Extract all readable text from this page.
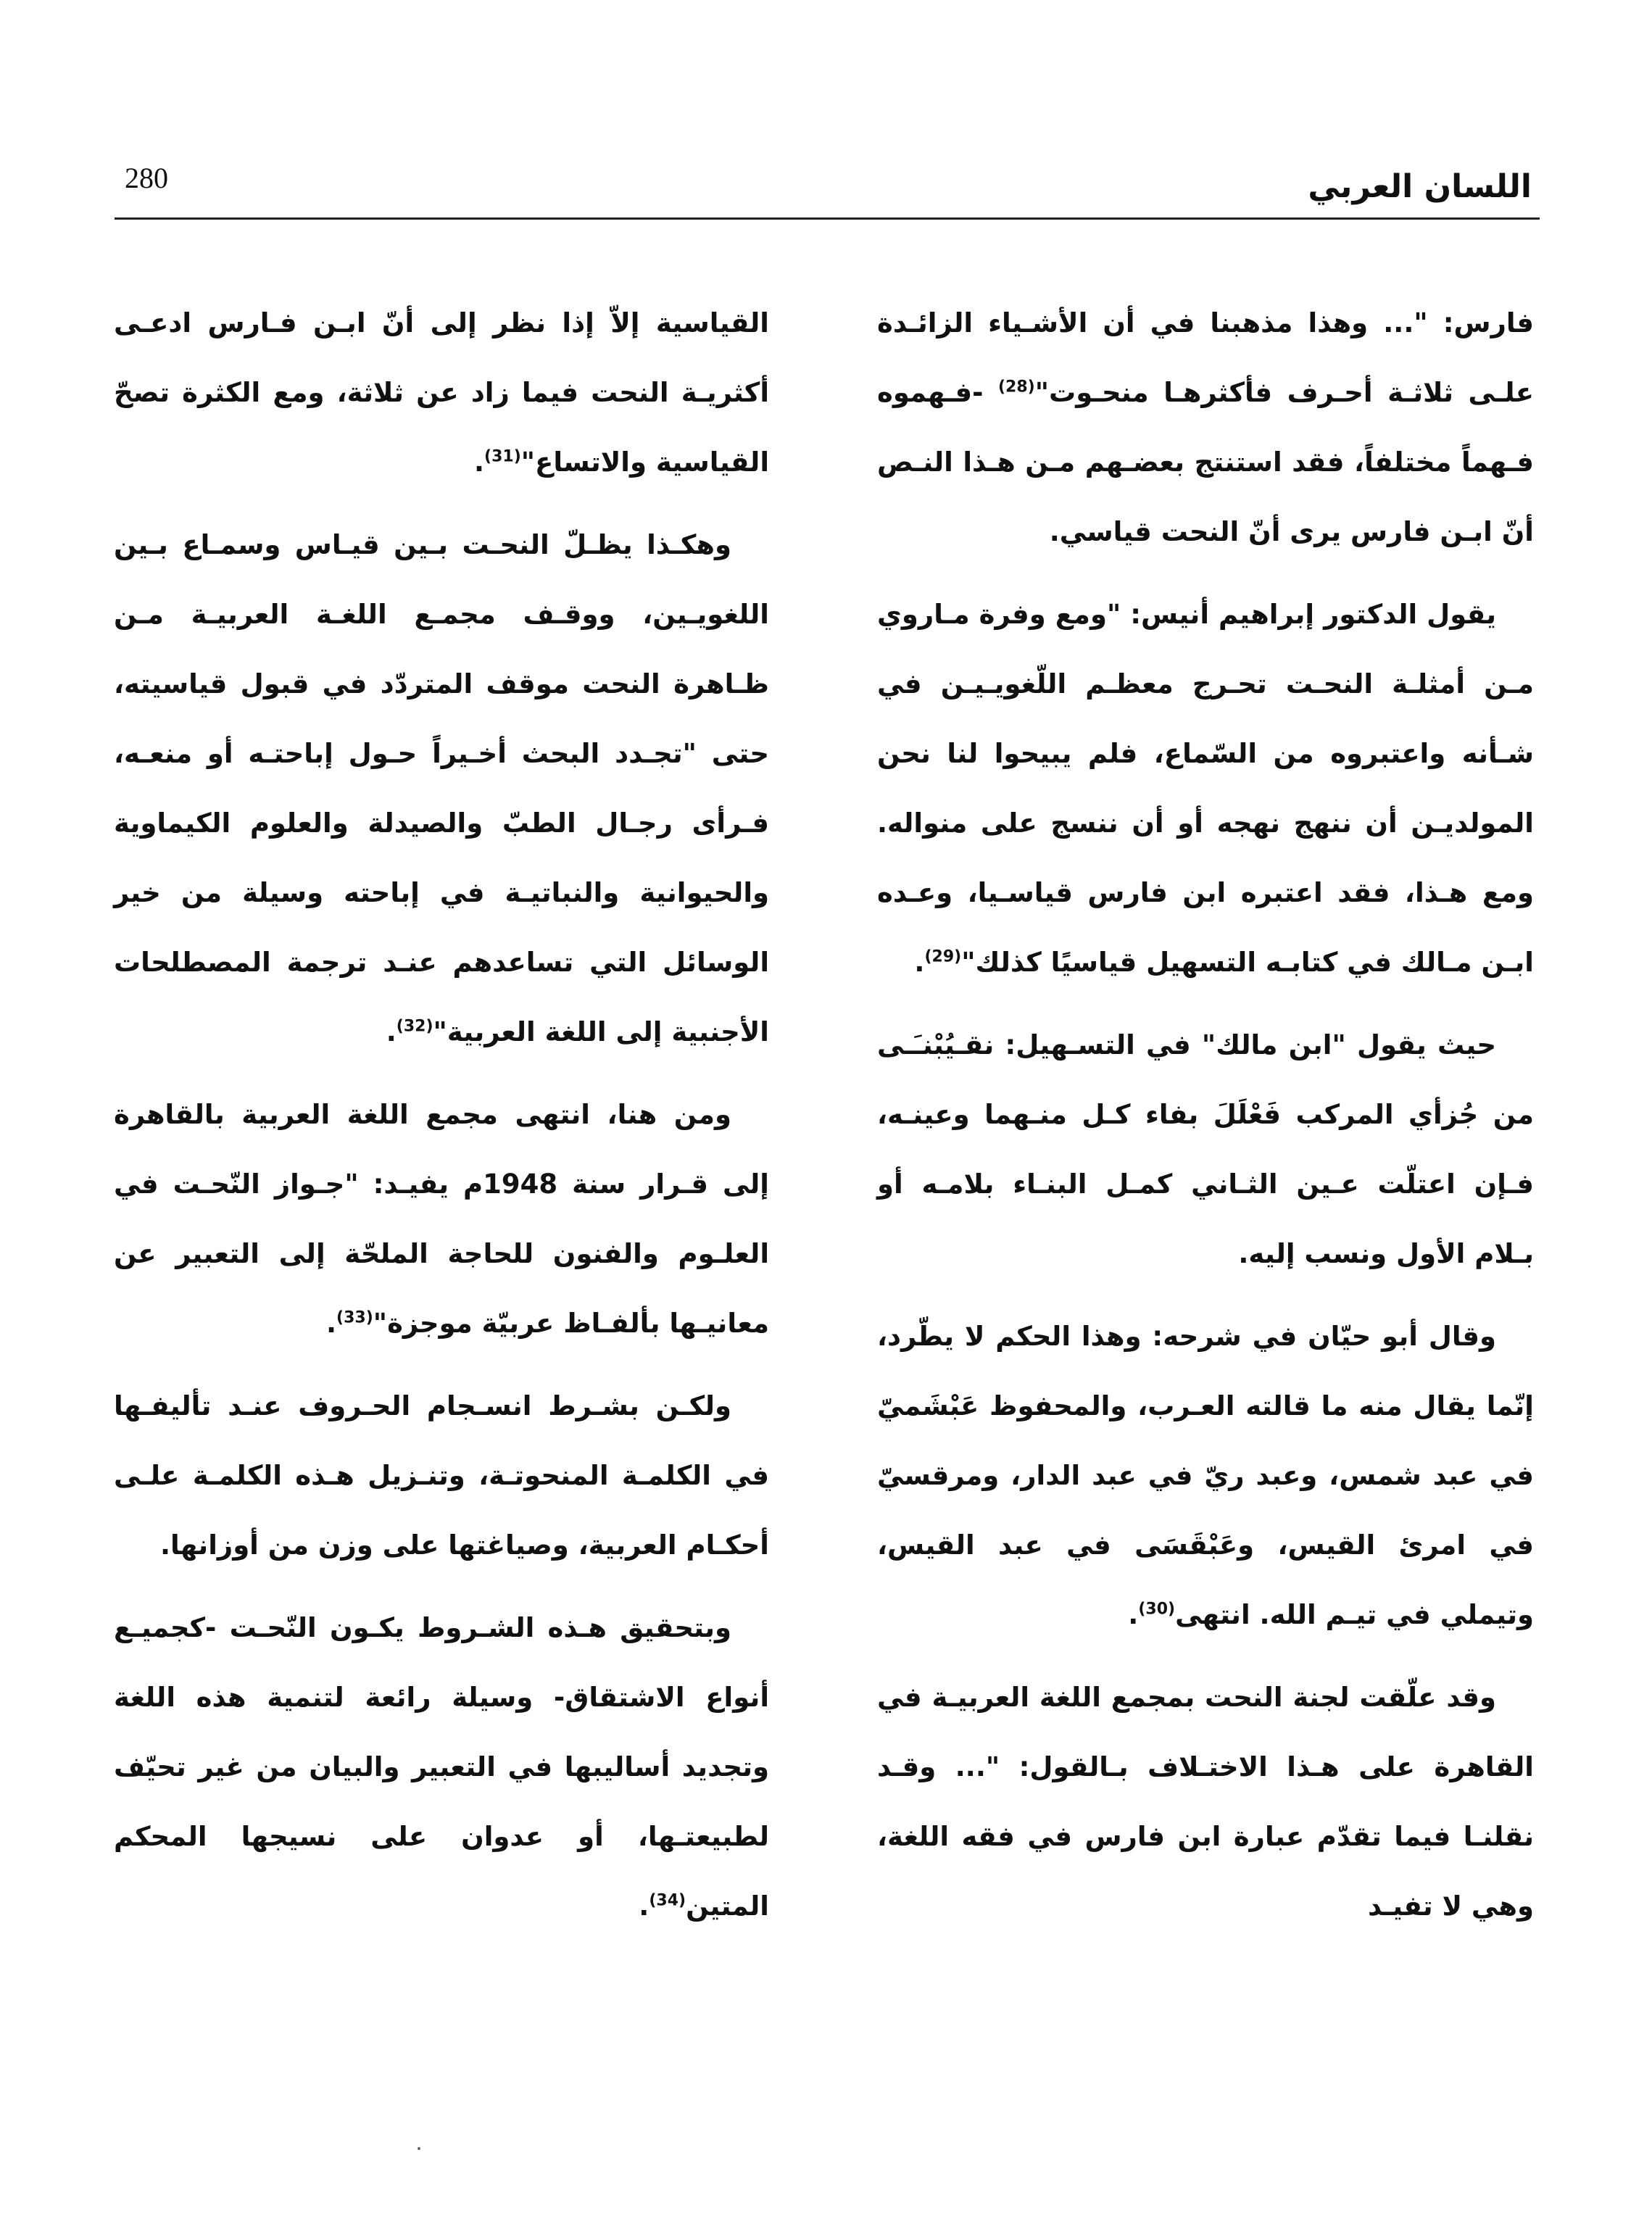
280	اللسان العربي

فارس: "... وهذا مذهبنا في أن الأشـياء الزائـدة علـى ثلاثـة أحـرف فأكثرهـا منحـوت"$^{(28)}$ -فـهموه فـهماً مختلفاً، فقد استنتج بعضـهم مـن هـذا النـص أنّ ابـن فارس يرى أنّ النحت قياسي.

يقول الدكتور إبراهيم أنيس: "ومع وفرة مـاروي مـن أمثلـة النحـت تحـرج معظـم اللّغويـيـن في شـأنه واعتبروه من السّماع، فلم يبيحوا لنا نحن المولديـن أن ننهج نهجه أو أن ننسج على منواله. ومع هـذا، فقد اعتبره ابن فارس قياسـيا، وعـده ابـن مـالك في كتابـه التسهيل قياسيًا كذلك"$^{(29)}$.

حيث يقول "ابن مالك" في التسـهيل: نقـيُبْنـَـى من جُزأي المركب فَعْلَلَ بفاء كـل منـهما وعينـه، فـإن اعتلّت عـين الثـاني كمـل البنـاء بلامـه أو بـلام الأول ونسب إليه.

وقال أبو حيّان في شرحه: وهذا الحكم لا يطّرد، إنّما يقال منه ما قالته العـرب، والمحفوظ عَبْشَميّ في عبد شمس، وعبد ريّ في عبد الدار، ومرقسيّ في امرئ القيس، وعَبْقَسَى في عبد القيس، وتيملي في تيـم الله. انتهى$^{(30)}$.

وقد علّقت لجنة النحت بمجمع اللغة العربيـة في القاهرة على هـذا الاختـلاف بـالقول: "... وقـد نقلنـا فيما تقدّم عبارة ابن فارس في فقه اللغة، وهي لا تفيـد

القياسية إلاّ إذا نظر إلى أنّ ابـن فـارس ادعـى أكثريـة النحت فيما زاد عن ثلاثة، ومع الكثرة تصحّ القياسية والاتساع"$^{(31)}$.

وهكـذا يظـلّ النحـت بـين قيـاس وسمـاع بـين اللغويـين، ووقـف مجمـع اللغـة العربيـة مـن ظـاهرة النحت موقف المتردّد في قبول قياسيته، حتى "تجـدد البحث أخـيراً حـول إباحتـه أو منعـه، فـرأى رجـال الطبّ والصيدلة والعلوم الكيماوية والحيوانية والنباتيـة في إباحته وسيلة من خير الوسائل التي تساعدهم عنـد ترجمة المصطلحات الأجنبية إلى اللغة العربية"$^{(32)}$.

ومن هنا، انتهى مجمع اللغة العربية بالقاهرة إلى قـرار سنة 1948م يفيـد: "جـواز النّحـت في العلـوم والفنون للحاجة الملحّة إلى التعبير عن معانيـها بألفـاظ عربيّة موجزة"$^{(33)}$.

ولكـن بشـرط انسـجام الحـروف عنـد تأليفـها في الكلمـة المنحوتـة، وتنـزيل هـذه الكلمـة علـى أحكـام العربية، وصياغتها على وزن من أوزانها.

وبتحقيق هـذه الشـروط يكـون النّحـت -كجميـع أنواع الاشتقاق- وسيلة رائعة لتنمية هذه اللغة وتجديد أساليبها في التعبير والبيان من غير تحيّف لطبيعتـها، أو عدوان على نسيجها المحكم المتين$^{(34)}$.
